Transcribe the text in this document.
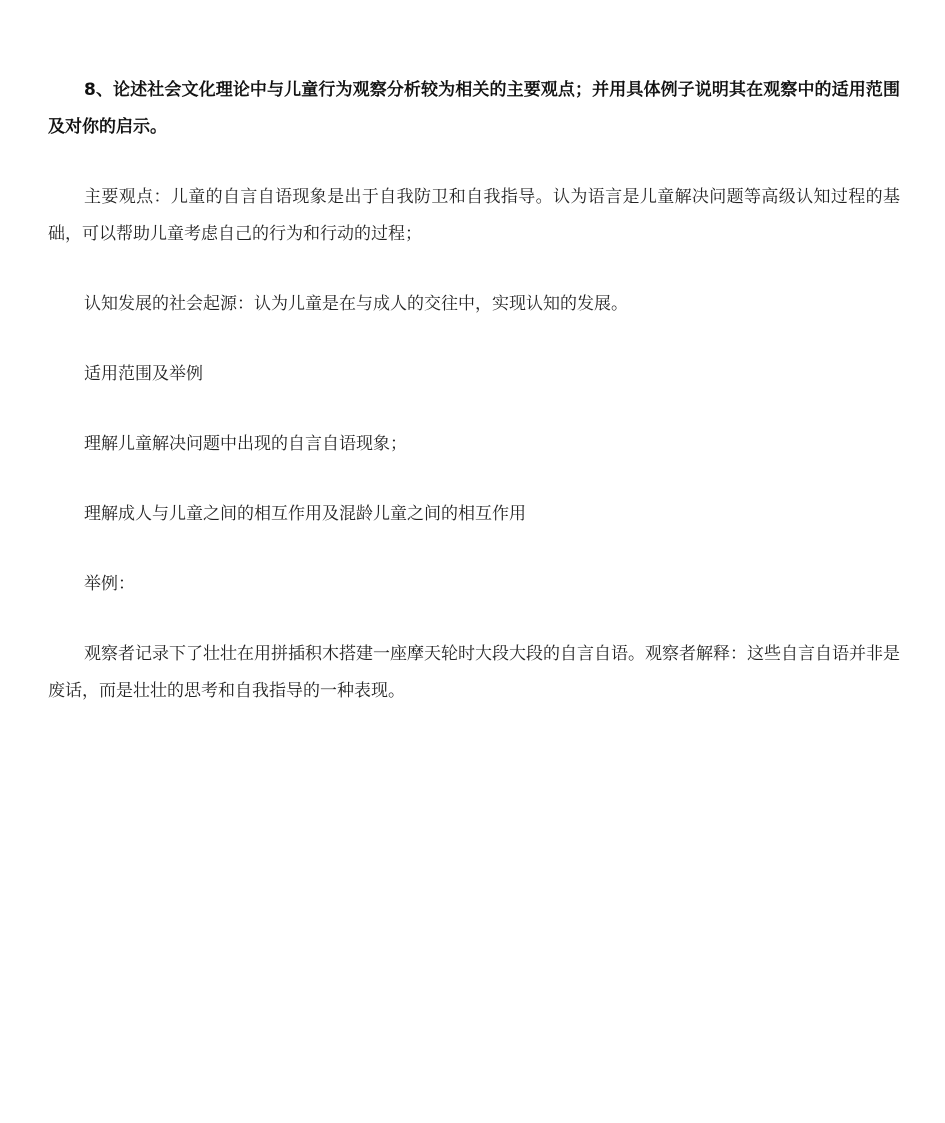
8、论述社会文化理论中与儿童行为观察分析较为相关的主要观点；并用具体例子说明其在观察中的适用范围及对你的启示。

主要观点：儿童的自言自语现象是出于自我防卫和自我指导。认为语言是儿童解决问题等高级认知过程的基础，可以帮助儿童考虑自己的行为和行动的过程；

认知发展的社会起源：认为儿童是在与成人的交往中，实现认知的发展。

适用范围及举例

理解儿童解决问题中出现的自言自语现象；

理解成人与儿童之间的相互作用及混龄儿童之间的相互作用

举例：

观察者记录下了壮壮在用拼插积木搭建一座摩天轮时大段大段的自言自语。观察者解释：这些自言自语并非是废话，而是壮壮的思考和自我指导的一种表现。
